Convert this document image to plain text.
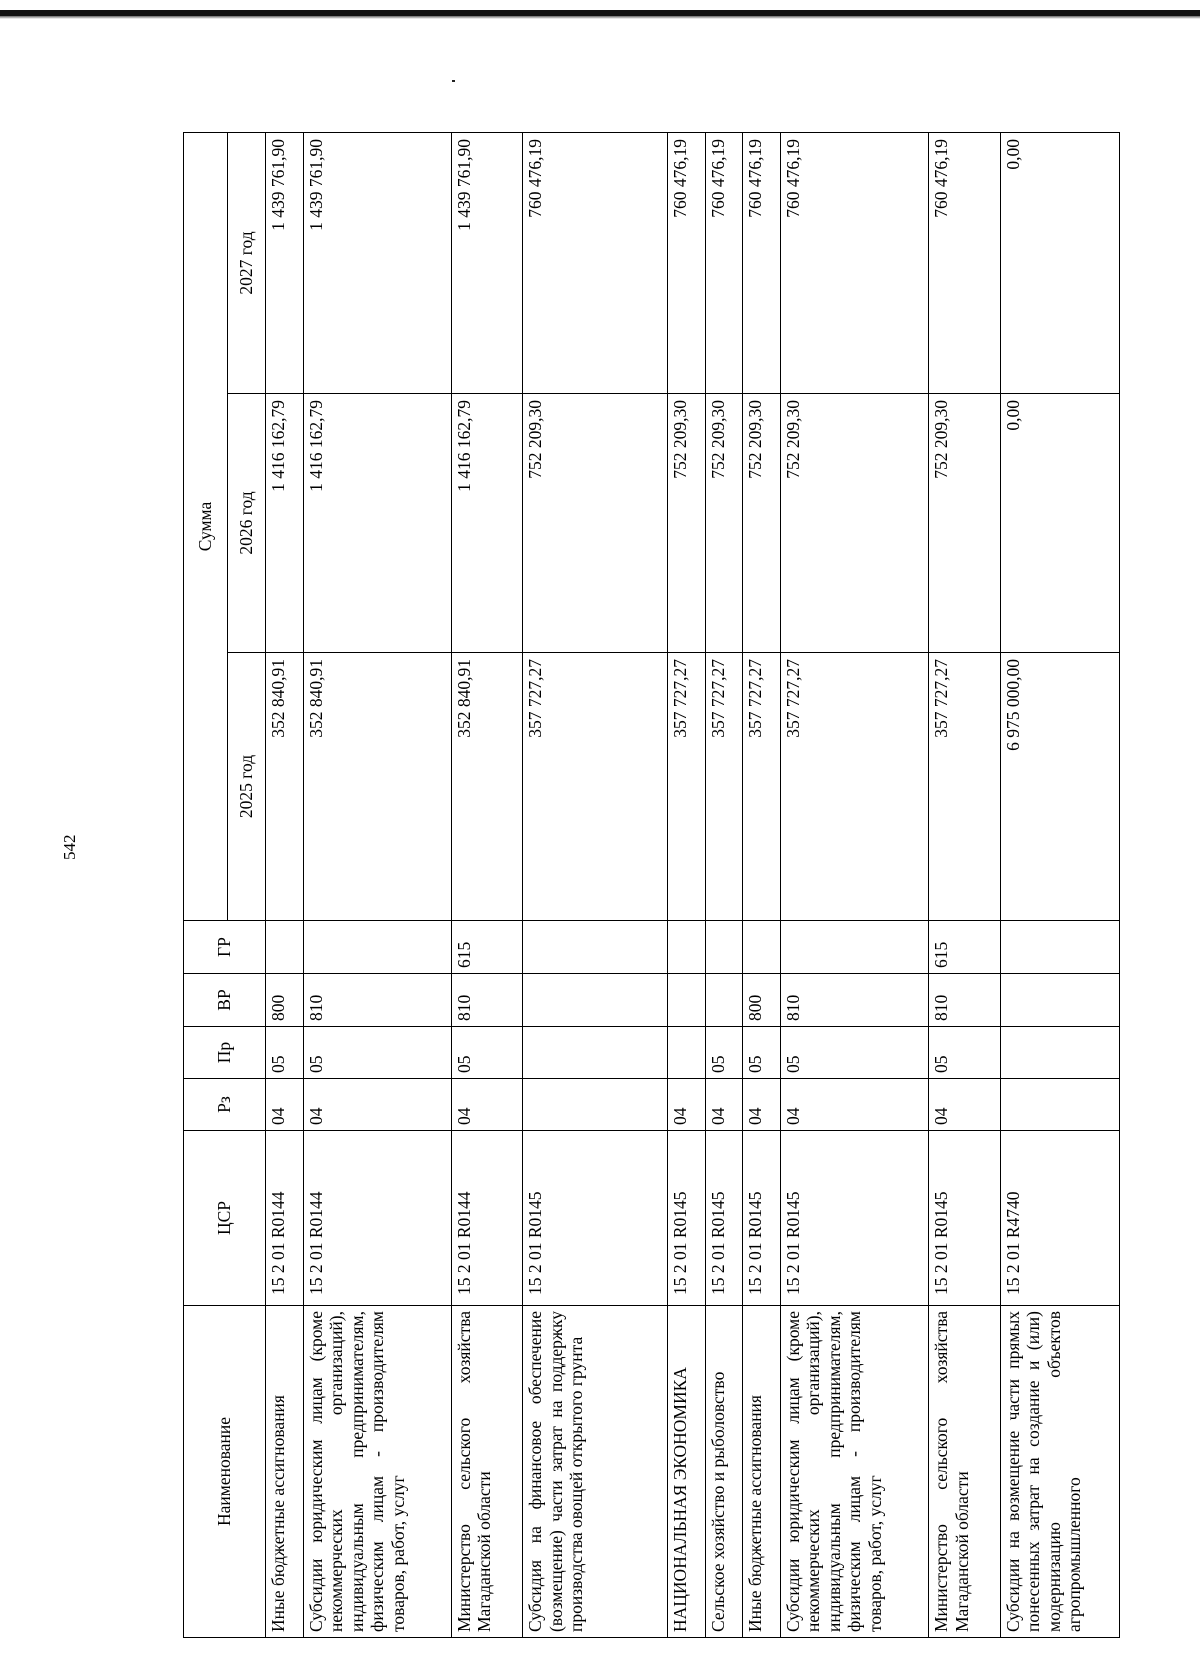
542
Наименование	ЦСР	Рз	Пр	ВР	ГР	Сумма		
						2025 год	2026 год	2027 год
Иные бюджетные ассигнования	15 2 01 R0144	04	05	800		352 840,91	1 416 162,79	1 439 761,90
Субсидии юридическим лицам (кроме некоммерческих организаций), индивидуальным предпринимателям, физическим лицам - производителям товаров, работ, услуг	15 2 01 R0144	04	05	810		352 840,91	1 416 162,79	1 439 761,90
Министерство сельского хозяйства Магаданской области	15 2 01 R0144	04	05	810	615	352 840,91	1 416 162,79	1 439 761,90
Субсидия на финансовое обеспечение (возмещение) части затрат на поддержку производства овощей открытого грунта	15 2 01 R0145					357 727,27	752 209,30	760 476,19
НАЦИОНАЛЬНАЯ ЭКОНОМИКА	15 2 01 R0145	04				357 727,27	752 209,30	760 476,19
Сельское хозяйство и рыболовство	15 2 01 R0145	04	05			357 727,27	752 209,30	760 476,19
Иные бюджетные ассигнования	15 2 01 R0145	04	05	800		357 727,27	752 209,30	760 476,19
Субсидии юридическим лицам (кроме некоммерческих организаций), индивидуальным предпринимателям, физическим лицам - производителям товаров, работ, услуг	15 2 01 R0145	04	05	810		357 727,27	752 209,30	760 476,19
Министерство сельского хозяйства Магаданской области	15 2 01 R0145	04	05	810	615	357 727,27	752 209,30	760 476,19
Субсидии на возмещение части прямых понесенных затрат на создание и (или) модернизацию объектов агропромышленного	15 2 01 R4740					6 975 000,00	0,00	0,00
